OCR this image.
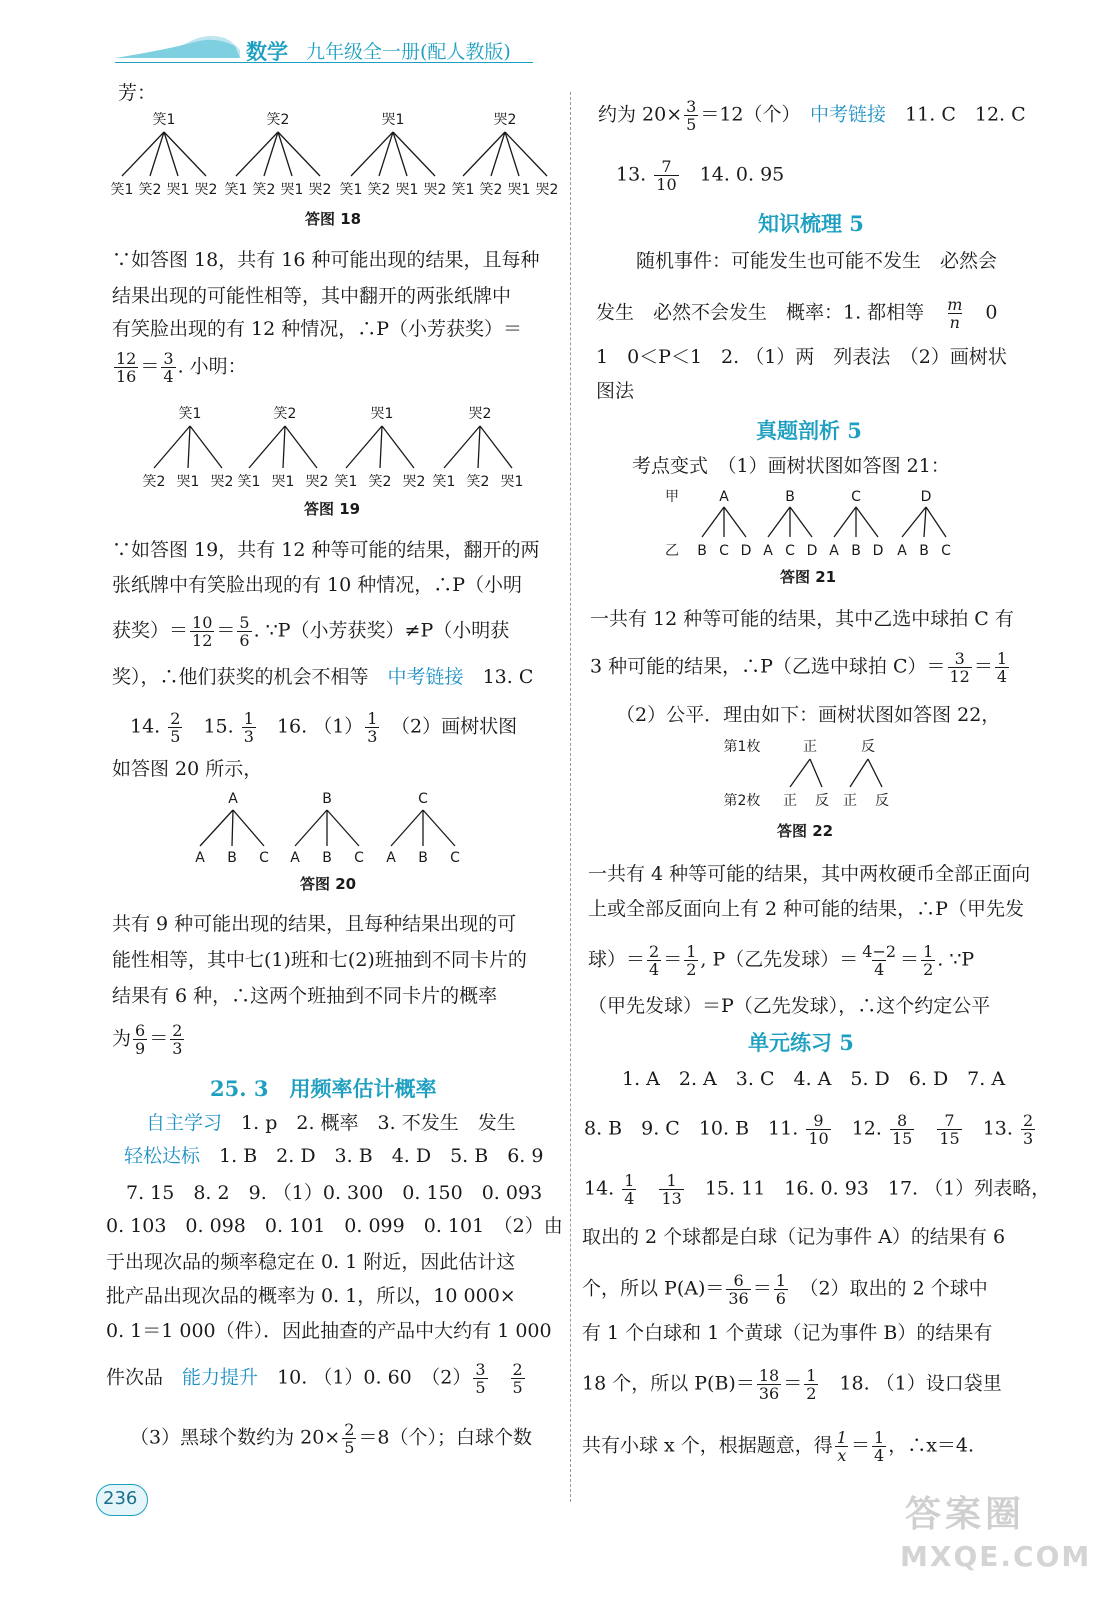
数学 九年级全一册(配人教版)
芳：
笑1	笑2	哭1	哭2
笑1 笑2 哭1 哭2 笑1 笑2 哭1 哭2 笑1 笑2 哭1 哭2 笑1 笑2 哭1 哭2
答图 18
∵如答图 18，共有 16 种可能出现的结果，且每种
结果出现的可能性相等，其中翻开的两张纸牌中
有笑脸出现的有 12 种情况，∴P（小芳获奖）＝
$\frac{12}{16} = \frac{3}{4}$ . 小明：
笑1	笑2	哭1	哭2
笑2 哭1 哭2 笑1 哭1 哭2 笑1 笑2 哭2 笑1 笑2 哭1
答图 19
∵如答图 19，共有 12 种等可能的结果，翻开的两
张纸牌中有笑脸出现的有 10 种情况，∴P（小明
获奖）＝ $\frac{10}{12} = \frac{5}{6}$ . ∵P（小芳获奖）≠P（小明获
奖），∴他们获奖的机会不相等　 中考链接　 13. C
14. $\frac{2}{5}$
　 15. $\frac{1}{3}$
　 16. $(1) \frac{1}{3}$
　 （2）画树状图
如答图 20 所示，
A	B	C
A B C A B C A B C
答图 20
共有 9 种可能出现的结果，且每种结果出现的可
能性相等，其中七(1)班和七(2)班抽到不同卡片的
结果有 6 种，∴这两个班抽到不同卡片的概率
为 $\frac{6}{9} = \frac{2}{3}$
25. 3　 用频率估计概率
自主学习　 1. p　2. 概率　3. 不发生　发生
轻松达标　 1. B　2. D　3. B　4. D　5. B　6. 9
7. 15　8. 2　9. （1）0. 300　0. 150　0. 093
0. 103　0. 098　0. 101　0. 099　0. 101　（2）由
于出现次品的频率稳定在 0. 1 附近，因此估计这
批产品出现次品的概率为 0. 1，所以，10 000×
0. 1＝1 000（件）．因此抽查的产品中大约有 1 000
件次品　 能力提升　 10. （1）0. 60　$(2) \frac{3}{5}$
　 $\frac{2}{5}$
（3）黑球个数约为 $20\times \frac{2}{5} =8$（个）；白球个数
约为 $20\times \frac{3}{5} =12$（个）　 中考链接　 11. C　12. C
13. $\frac{7}{10}$
　 14. 0. 95
知识梳理 5
随机事件：可能发生也可能不发生　必然会
发生　必然不会发生　概率：1. 都相等　 $\frac{m}{n}$
　 0
1　0＜P＜1　2. （1）两　列表法　（2）画树状
图法
真题剖析 5
考点变式　（1）画树状图如答图 21：
甲
乙
A	B	C	D
B C D A C D A B D A B C
答图 21
一共有 12 种等可能的结果，其中乙选中球拍 C 有
3 种可能的结果，∴P（乙选中球拍 $C)= \frac{3}{12} = \frac{1}{4}$
（2）公平．理由如下：画树状图如答图 22，
第1枚
第2枚
正	反
正 反 正 反
答图 22
一共有 4 种等可能的结果，其中两枚硬币全部正面向
上或全部反面向上有 2 种可能的结果，∴P（甲先发
球）＝ $\frac{2}{4} = \frac{1}{2}$ , P（乙先发球）＝ $\frac{4-2}{4} = \frac{1}{2}$ . ∵P
（甲先发球）＝P（乙先发球），∴这个约定公平
单元练习 5
1. A　2. A　3. C　4. A　5. D　6. D　7. A
8. B　9. C　10. B　11. $\frac{9}{10}$
　 12. $\frac{8}{15}$
　 $\frac{7}{15}$
　 13. $\frac{2}{3}$
14. $\frac{1}{4}$
　 $\frac{1}{13}$
　 15. 11　16. 0. 93　17. （1）列表略，
取出的 2 个球都是白球（记为事件 A）的结果有 6
个，所以 $P(A)= \frac{6}{36} = \frac{1}{6}$
　 （2）取出的 2 个球中
有 1 个白球和 1 个黄球（记为事件 B）的结果有
18 个，所以 $P(B)= \frac{18}{36} = \frac{1}{2}$
　 18. （1）设口袋里
共有小球 x 个，根据题意，得 $\frac{1}{x} = \frac{1}{4}$ ，∴x＝4.
236	答案圈
MXQE.COM
